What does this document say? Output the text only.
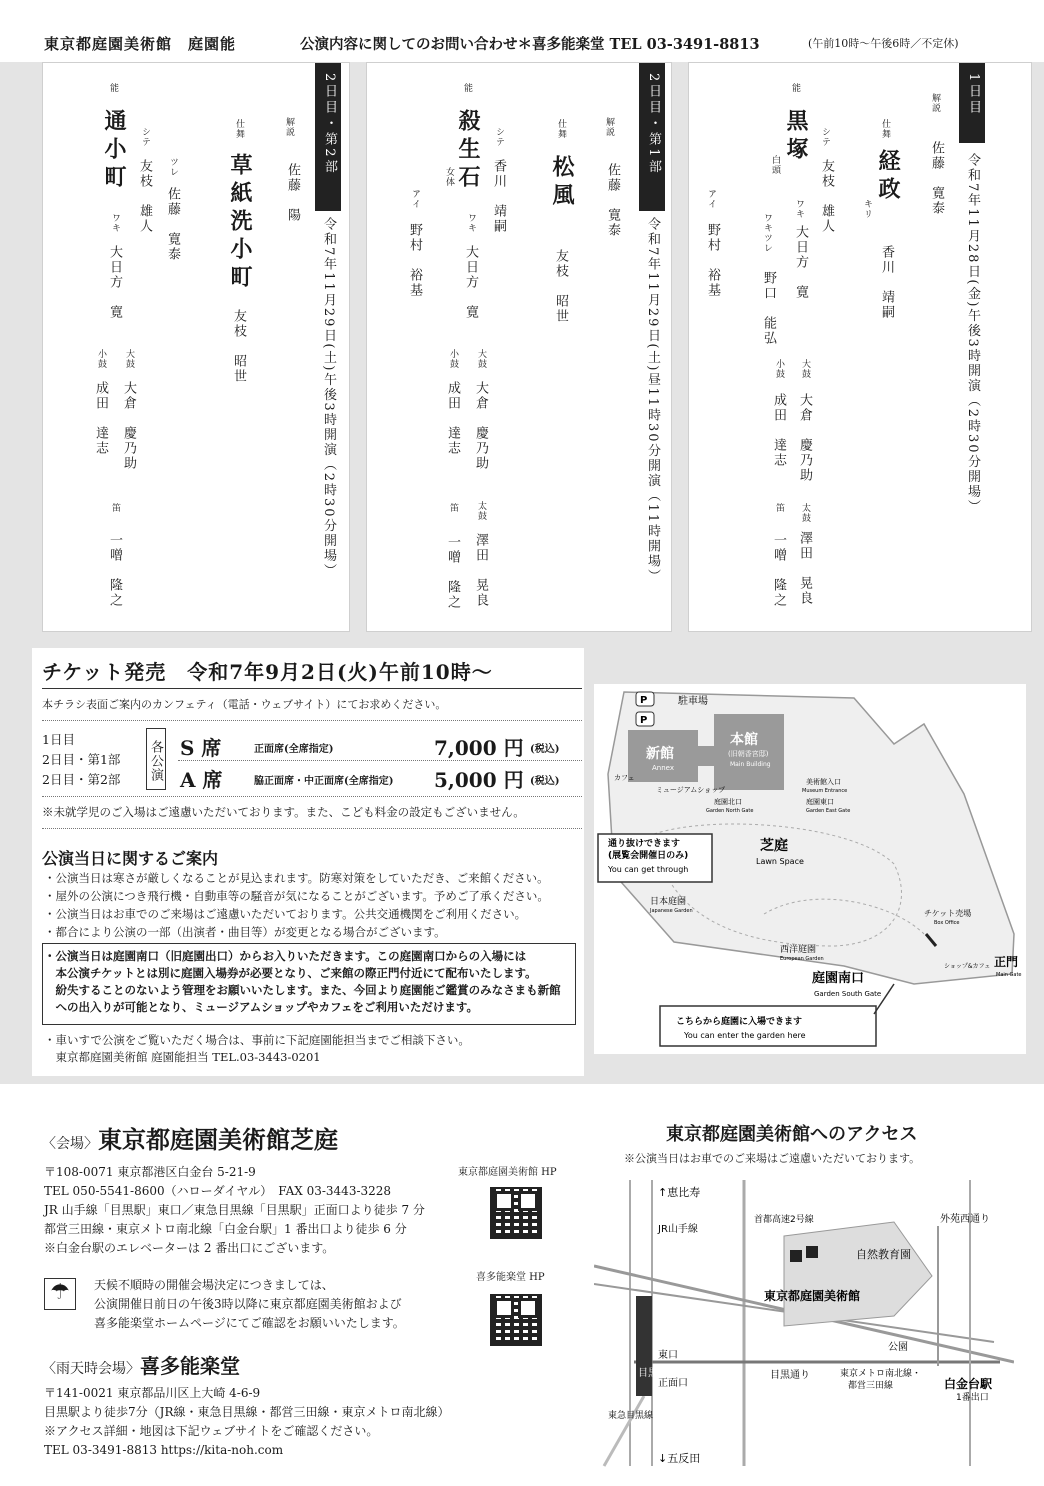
東京都庭園美術館　庭園能	公演内容に関してのお問い合わせ＊喜多能楽堂 TEL 03-3491-8813	(午前10時〜午後6時／不定休)
1日目
令和7年11月28日(金)午後3時開演（2時30分開場）
解説
佐藤　寛泰
仕舞
経政
キリ
香川　靖嗣
能
黒塚
白頭
シテ
友枝　雄人
ワキ
大日方　寛
ワキツレ
野口　能弘
アイ
野村　裕基
大鼓
大倉　慶乃助
小鼓
成田　達志
太鼓
澤田　晃良
笛
一噌　隆之
2日目・第1部
令和7年11月29日(土)昼11時30分開演（11時開場）
解説
佐藤　寛泰
仕舞
松風
友枝　昭世
能
殺生石
女体
シテ
香川　靖嗣
ワキ
大日方　寛
アイ
野村　裕基
大鼓
大倉　慶乃助
小鼓
成田　達志
太鼓
澤田　晃良
笛
一噌　隆之
2日目・第2部
令和7年11月29日(土)午後3時開演（2時30分開場）
解説
佐藤　陽
仕舞
草紙洗小町
友枝　昭世
能
通小町	シテ
友枝　雄人 ツレ
佐藤　寛泰
ワキ
大日方　寛
大鼓
大倉　慶乃助
小鼓
成田　達志
笛
一噌　隆之
チケット発売　令和7年9月2日(火)午前10時〜
本チラシ表面ご案内のカンフェティ（電話・ウェブサイト）にてお求めください。
1日目
2日目・第1部
2日目・第2部 各公演 S 席	正面席(全席指定)	7,000 円 (税込)
A 席	脇正面席・中正面席(全席指定) 5,000 円 (税込)
※未就学児のご入場はご遠慮いただいております。また、こども料金の設定もございません。
公演当日に関するご案内
・公演当日は寒さが厳しくなることが見込まれます。防寒対策をしていただき、ご来館ください。
・屋外の公演につき飛行機・自動車等の騒音が気になることがございます。予めご了承ください。
・公演当日はお車でのご来場はご遠慮いただいております。公共交通機関をご利用ください。
・都合により公演の一部（出演者・曲目等）が変更となる場合がございます。
・公演当日は庭園南口（旧庭園出口）からお入りいただきます。この庭園南口からの入場には
　本公演チケットとは別に庭園入場券が必要となり、ご来館の際正門付近にて配布いたします。
　紛失することのないよう管理をお願いいたします。また、今回より庭園能ご鑑賞のみなさまも新館
　への出入りが可能となり、ミュージアムショップやカフェをご利用いただけます。
・車いすで公演をご覧いただく場合は、事前に下記庭園能担当までご相談下さい。
　東京都庭園美術館 庭園能担当 TEL.03-3443-0201
P
P
駐車場
新館
Annex
本館
(旧朝香宮邸)
Main Building
カフェ
ミュージアムショップ
美術館入口
Museum Entrance
庭園北口
Garden North Gate
庭園東口
Garden East Gate
通り抜けできます
(展覧会開催日のみ)
You can get through
芝庭
Lawn Space
日本庭園
Japanese Garden
西洋庭園
European Garden
チケット売場
Box Office
ショップ&カフェ
庭園南口
Garden South Gate
正門
Main Gate
こちらから庭園に入場できます
You can enter the garden here
〈会場〉東京都庭園美術館芝庭
〒108-0071 東京都港区白金台 5-21-9
TEL 050-5541-8600（ハローダイヤル）　FAX 03-3443-3228
JR 山手線「目黒駅」東口／東急目黒線「目黒駅」正面口より徒歩 7 分
都営三田線・東京メトロ南北線「白金台駅」1 番出口より徒歩 6 分
※白金台駅のエレベーターは 2 番出口にございます。
東京都庭園美術館 HP
喜多能楽堂 HP
☂	天候不順時の開催会場決定につきましては、
公演開催日前日の午後3時以降に東京都庭園美術館および
喜多能楽堂ホームページにてご確認をお願いいたします。
〈雨天時会場〉喜多能楽堂
〒141-0021 東京都品川区上大崎 4-6-9
目黒駅より徒歩7分（JR線・東急目黒線・都営三田線・東京メトロ南北線）
※アクセス詳細・地図は下記ウェブサイトをご確認ください。
TEL 03-3491-8813 https://kita-noh.com
東京都庭園美術館へのアクセス
※公演当日はお車でのご来場はご遠慮いただいております。
↑恵比寿
JR山手線
首都高速2号線	外苑西通り
自然教育園
東京都庭園美術館
目黒駅
東口
正面口
目黒通り
公園
東京メトロ南北線・
都営三田線	白金台駅
1番出口
東急目黒線
↓五反田
